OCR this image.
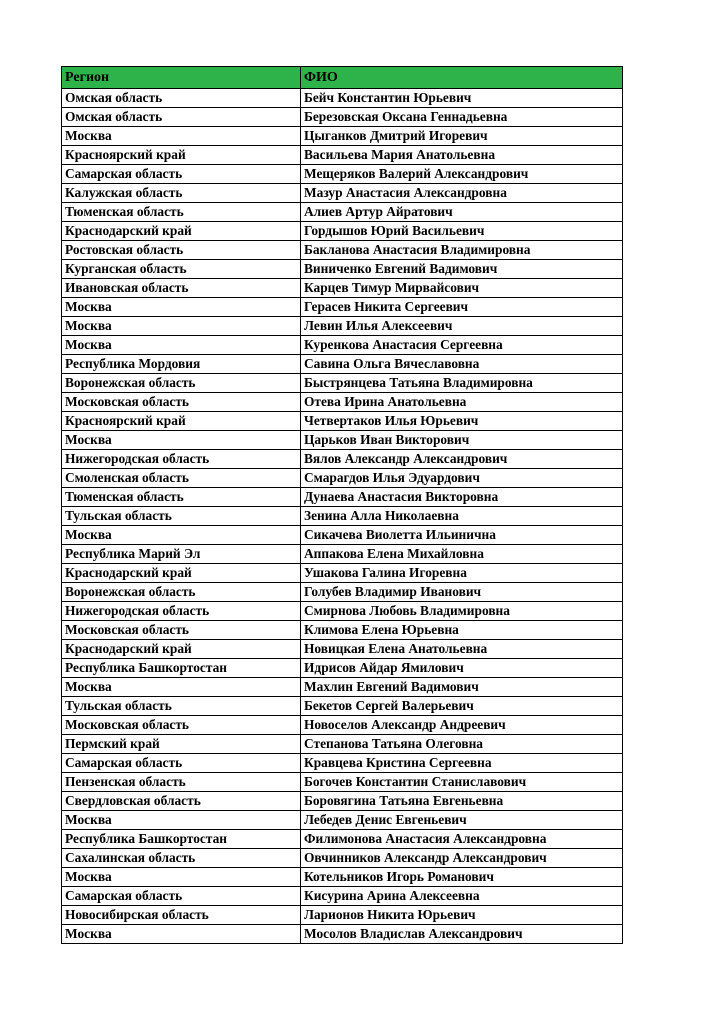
Регион	ФИО
Омская область	Бейч Константин Юрьевич
Омская область	Березовская Оксана Геннадьевна
Москва	Цыганков Дмитрий Игоревич
Красноярский край	Васильева Мария Анатольевна
Самарская область	Мещеряков Валерий Александрович
Калужская область	Мазур Анастасия Александровна
Тюменская область	Алиев Артур Айратович
Краснодарский край	Гордышов Юрий Васильевич
Ростовская область	Бакланова Анастасия Владимировна
Курганская область	Виниченко Евгений Вадимович
Ивановская область	Карцев Тимур Мирвайсович
Москва	Герасев Никита Сергеевич
Москва	Левин Илья Алексеевич
Москва	Куренкова Анастасия Сергеевна
Республика Мордовия	Савина Ольга Вячеславовна
Воронежская область	Быстрянцева Татьяна Владимировна
Московская область	Отева Ирина Анатольевна
Красноярский край	Четвертаков Илья Юрьевич
Москва	Царьков Иван Викторович
Нижегородская область	Вялов Александр Александрович
Смоленская область	Смарагдов Илья Эдуардович
Тюменская область	Дунаева Анастасия Викторовна
Тульская область	Зенина Алла Николаевна
Москва	Сикачева Виолетта Ильинична
Республика Марий Эл	Аппакова Елена Михайловна
Краснодарский край	Ушакова Галина Игоревна
Воронежская область	Голубев Владимир Иванович
Нижегородская область	Смирнова Любовь Владимировна
Московская область	Климова Елена Юрьевна
Краснодарский край	Новицкая Елена Анатольевна
Республика Башкортостан	Идрисов Айдар Ямилович
Москва	Махлин Евгений Вадимович
Тульская область	Бекетов Сергей Валерьевич
Московская область	Новоселов Александр Андреевич
Пермский край	Степанова Татьяна Олеговна
Самарская область	Кравцева Кристина Сергеевна
Пензенская область	Богочев Константин Станиславович
Свердловская область	Боровягина Татьяна Евгеньевна
Москва	Лебедев Денис Евгеньевич
Республика Башкортостан	Филимонова Анастасия Александровна
Сахалинская область	Овчинников Александр Александрович
Москва	Котельников Игорь Романович
Самарская область	Кисурина Арина Алексеевна
Новосибирская область	Ларионов Никита Юрьевич
Москва	Мосолов Владислав Александрович
